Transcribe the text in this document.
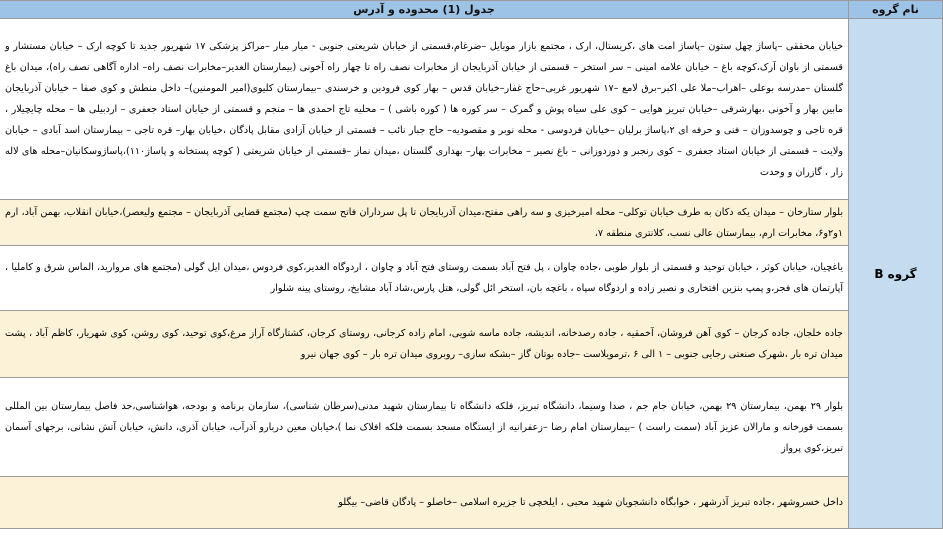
نام گروه	جدول (1) محدوده و آدرس
گروه B	خیابان محققی –پاساژ چهل ستون –پاساژ امت های ،کریستال، ارک ، مجتمع بازار موبایل –ضرغام،قسمتی از خیابان شریعتی جنوبی - میار میار –مراکز پزشکی ۱۷ شهریور جدید تا کوچه ارک – خیابان مستشار و قسمتی از باوان آرک،کوچه باغ – خیابان علامه امینی – سر استخر – قسمتی از خیابان آذربایجان از مخابرات نصف راه تا چهار راه آخونی (بیمارستان الغدیر–مخابرات نصف راه– اداره آگاهی نصف راه)، میدان باغ گلستان –مدرسه بوعلی –اهراب–ملا علی اکبر–برق لامع –۱۷ شهریور غربی–حاج غفار–خیابان قدس – بهار کوی فرودین و خرسندی –بیمارستان کلیوی(امیر المومنین)– داخل منطش و کوی صفا – خیابان آذربایجان مابین بهار و آخونی ،بهارشرقی –خیابان تبریز هوایی – کوی علی سیاه پوش و گمرک – سر کوره ها ( کوره باشی ) – محلیه تاج احمدی ها – منجم و قسمتی از خیابان استاد جعفری – اردبیلی ها – محله چایچیلار ، قره تاجی و چوسدوزان – فنی و حرفه ای ۲،پاساژ برلیان –خیابان فردوسی - محله نوبر و مقصودیه– حاج جبار نائب – قسمتی از خیابان آزادی مقابل پادگان ،خیابان بهار– قره تاجی – بیمارستان اسد آبادی – خیابان ولایت – قسمتی از خیابان استاد جعفری – کوی رنجبر و دوزدوزانی – باغ نصیر – مخابرات بهار– بهداری گلستان ،میدان نماز –قسمتی از خیابان شریعتی ( کوچه پستخانه و پاساژ۱۱۰)،پاساژوسکانیان–محله های لاله زار ، گازران و وحدت

	بلوار ستارخان – میدان یکه دکان به طرف خیابان توکلی– محله امیرخیزی و سه راهی مفتح،میدان آذربایجان تا پل سرداران فاتح سمت چپ (مجتمع قضایی آذربایجان – مجتمع ولیعصر)،خیابان انقلاب، بهمن آباد، ارم ۱و۲و۶، مخابرات ارم، بیمارستان عالی نسب، کلانتری منطقه ۷،

	یاغچیان، خیابان کوثر ، خیابان توحید و قسمتی از بلوار طوبی ،جاده چاوان ، پل فتح آباد بسمت روستای فتح آباد و چاوان ، اردوگاه الغدیر،کوی فردوس ،میدان ایل گولی (مجتمع های مروارید، الماس شرق و کاملیا ، آپارتمان های فجر،و پمپ بنزین افتخاری و نصیر زاده و اردوگاه سپاه ، باغچه بان، استخر ائل گولی، هتل پارس،شاد آباد مشایخ، روستای پینه شلوار

	جاده خلجان، جاده کرجان – کوی آهن فروشان، آخمقیه ، جاده رصدخانه، اندیشه، جاده ماسه شویی، امام زاده کرجانی، روستای کرجان، کشتارگاه آراز مرغ،کوی توحید، کوی روشن، کوی شهریار، کاظم آباد ، پشت میدان تره بار ،شهرک صنعتی رجایی جنوبی – ۱ الی ۶ ،ترمویلاست –جاده بوتان گاز –بشکه سازی– روبروی میدان تره بار – کوی جهان نیرو

	بلوار ۲۹ بهمن، بیمارستان ۲۹ بهمن، خیابان جام جم ، صدا وسیما، دانشگاه تبریز، فلکه دانشگاه تا بیمارستان شهید مدنی(سرطان شناسی)، سازمان برنامه و بودجه، هواشناسی،حد فاصل بیمارستان بین المللی بسمت قورخانه و مارالان عزیز آباد (سمت راست ) –بیمارستان امام رضا –زعفرانیه از ایستگاه مسجد بسمت فلکه افلاک نما )،خیابان معین دربارو آذرآب، خیابان آذری، دانش، خیابان آتش نشانی، برجهای آسمان تبریز،کوی پرواز

	داخل خسروشهر ،جاده تبریز آذرشهر ، خوابگاه دانشجویان شهید محبی ، ایلخچی تا جزیره اسلامی –خاصلو – پادگان قاضی– بیگلو
